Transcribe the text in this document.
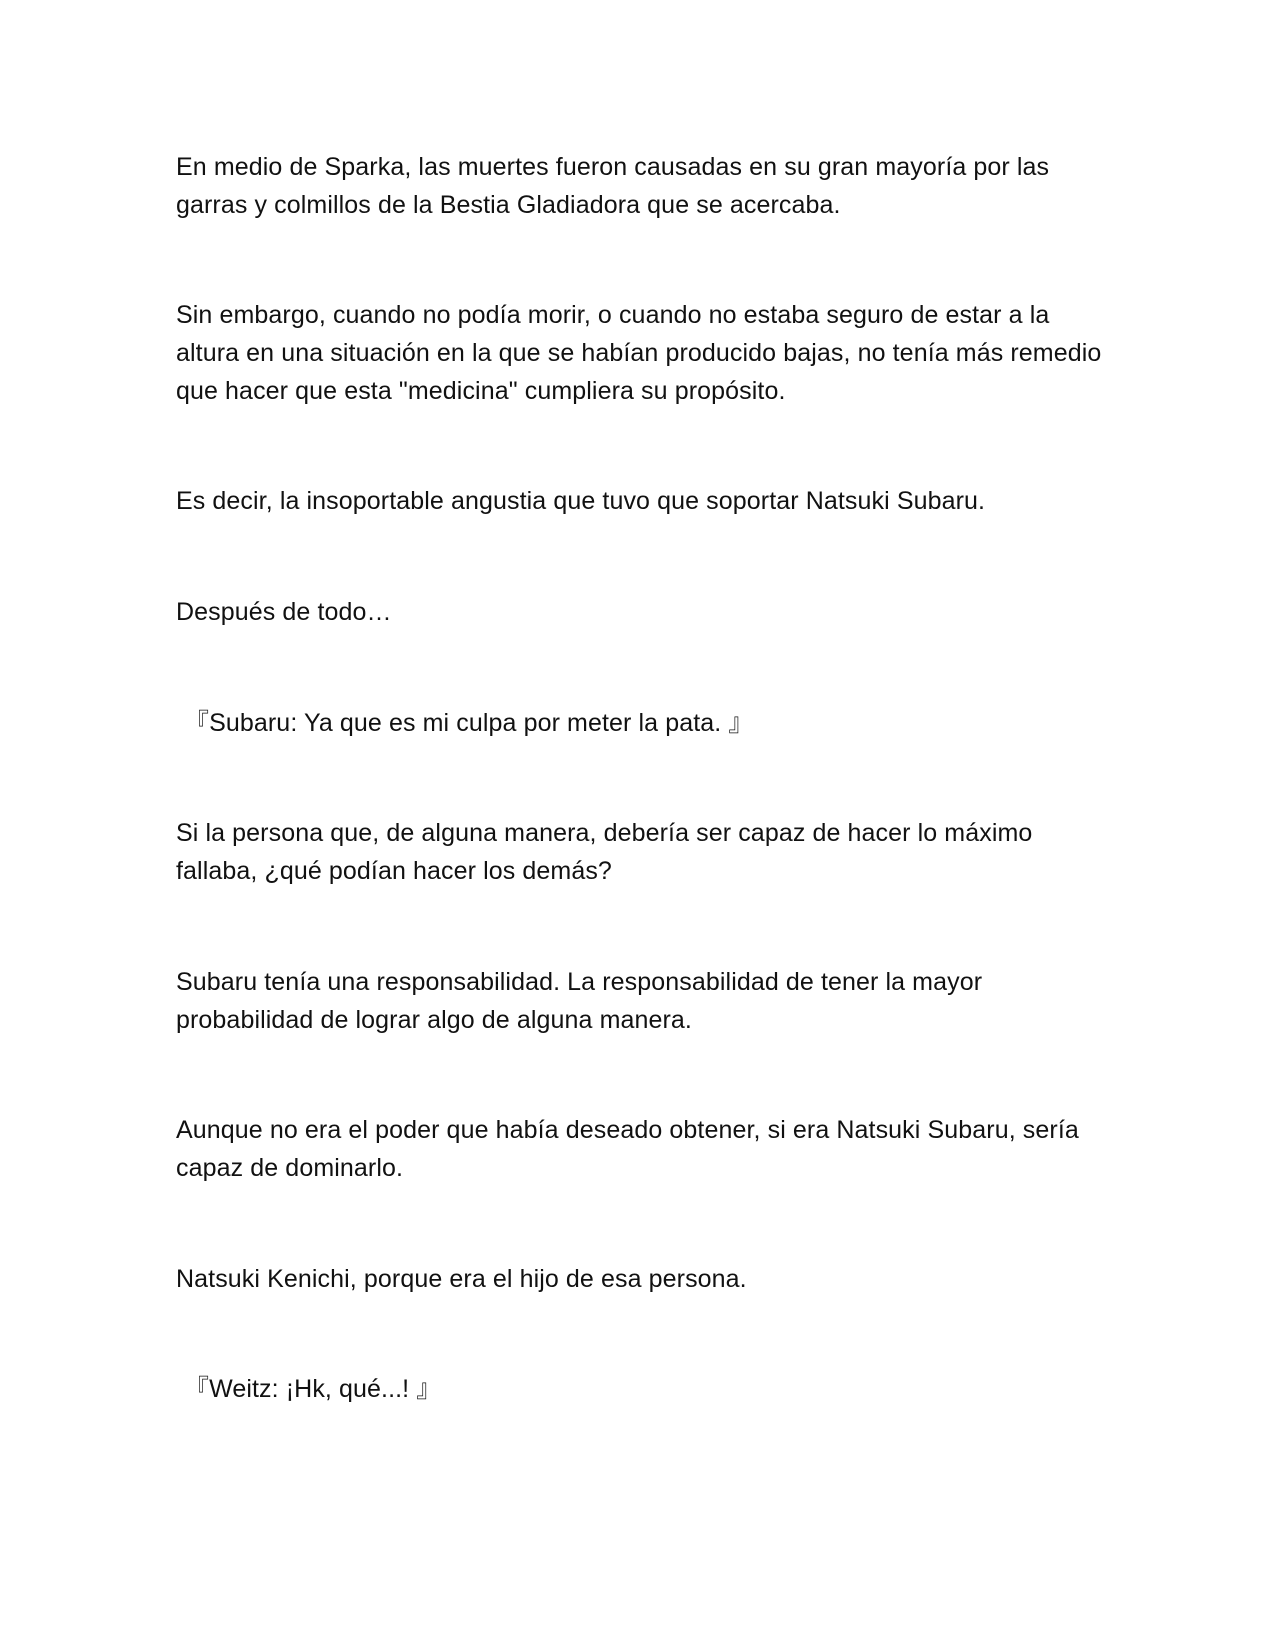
En medio de Sparka, las muertes fueron causadas en su gran mayoría por las garras y colmillos de la Bestia Gladiadora que se acercaba.

Sin embargo, cuando no podía morir, o cuando no estaba seguro de estar a la altura en una situación en la que se habían producido bajas, no tenía más remedio que hacer que esta "medicina" cumpliera su propósito.

Es decir, la insoportable angustia que tuvo que soportar Natsuki Subaru.

Después de todo…

『Subaru: Ya que es mi culpa por meter la pata. 』

Si la persona que, de alguna manera, debería ser capaz de hacer lo máximo fallaba, ¿qué podían hacer los demás?

Subaru tenía una responsabilidad. La responsabilidad de tener la mayor probabilidad de lograr algo de alguna manera.

Aunque no era el poder que había deseado obtener, si era Natsuki Subaru, sería capaz de dominarlo.

Natsuki Kenichi, porque era el hijo de esa persona.

『Weitz: ¡Hk, qué...! 』
